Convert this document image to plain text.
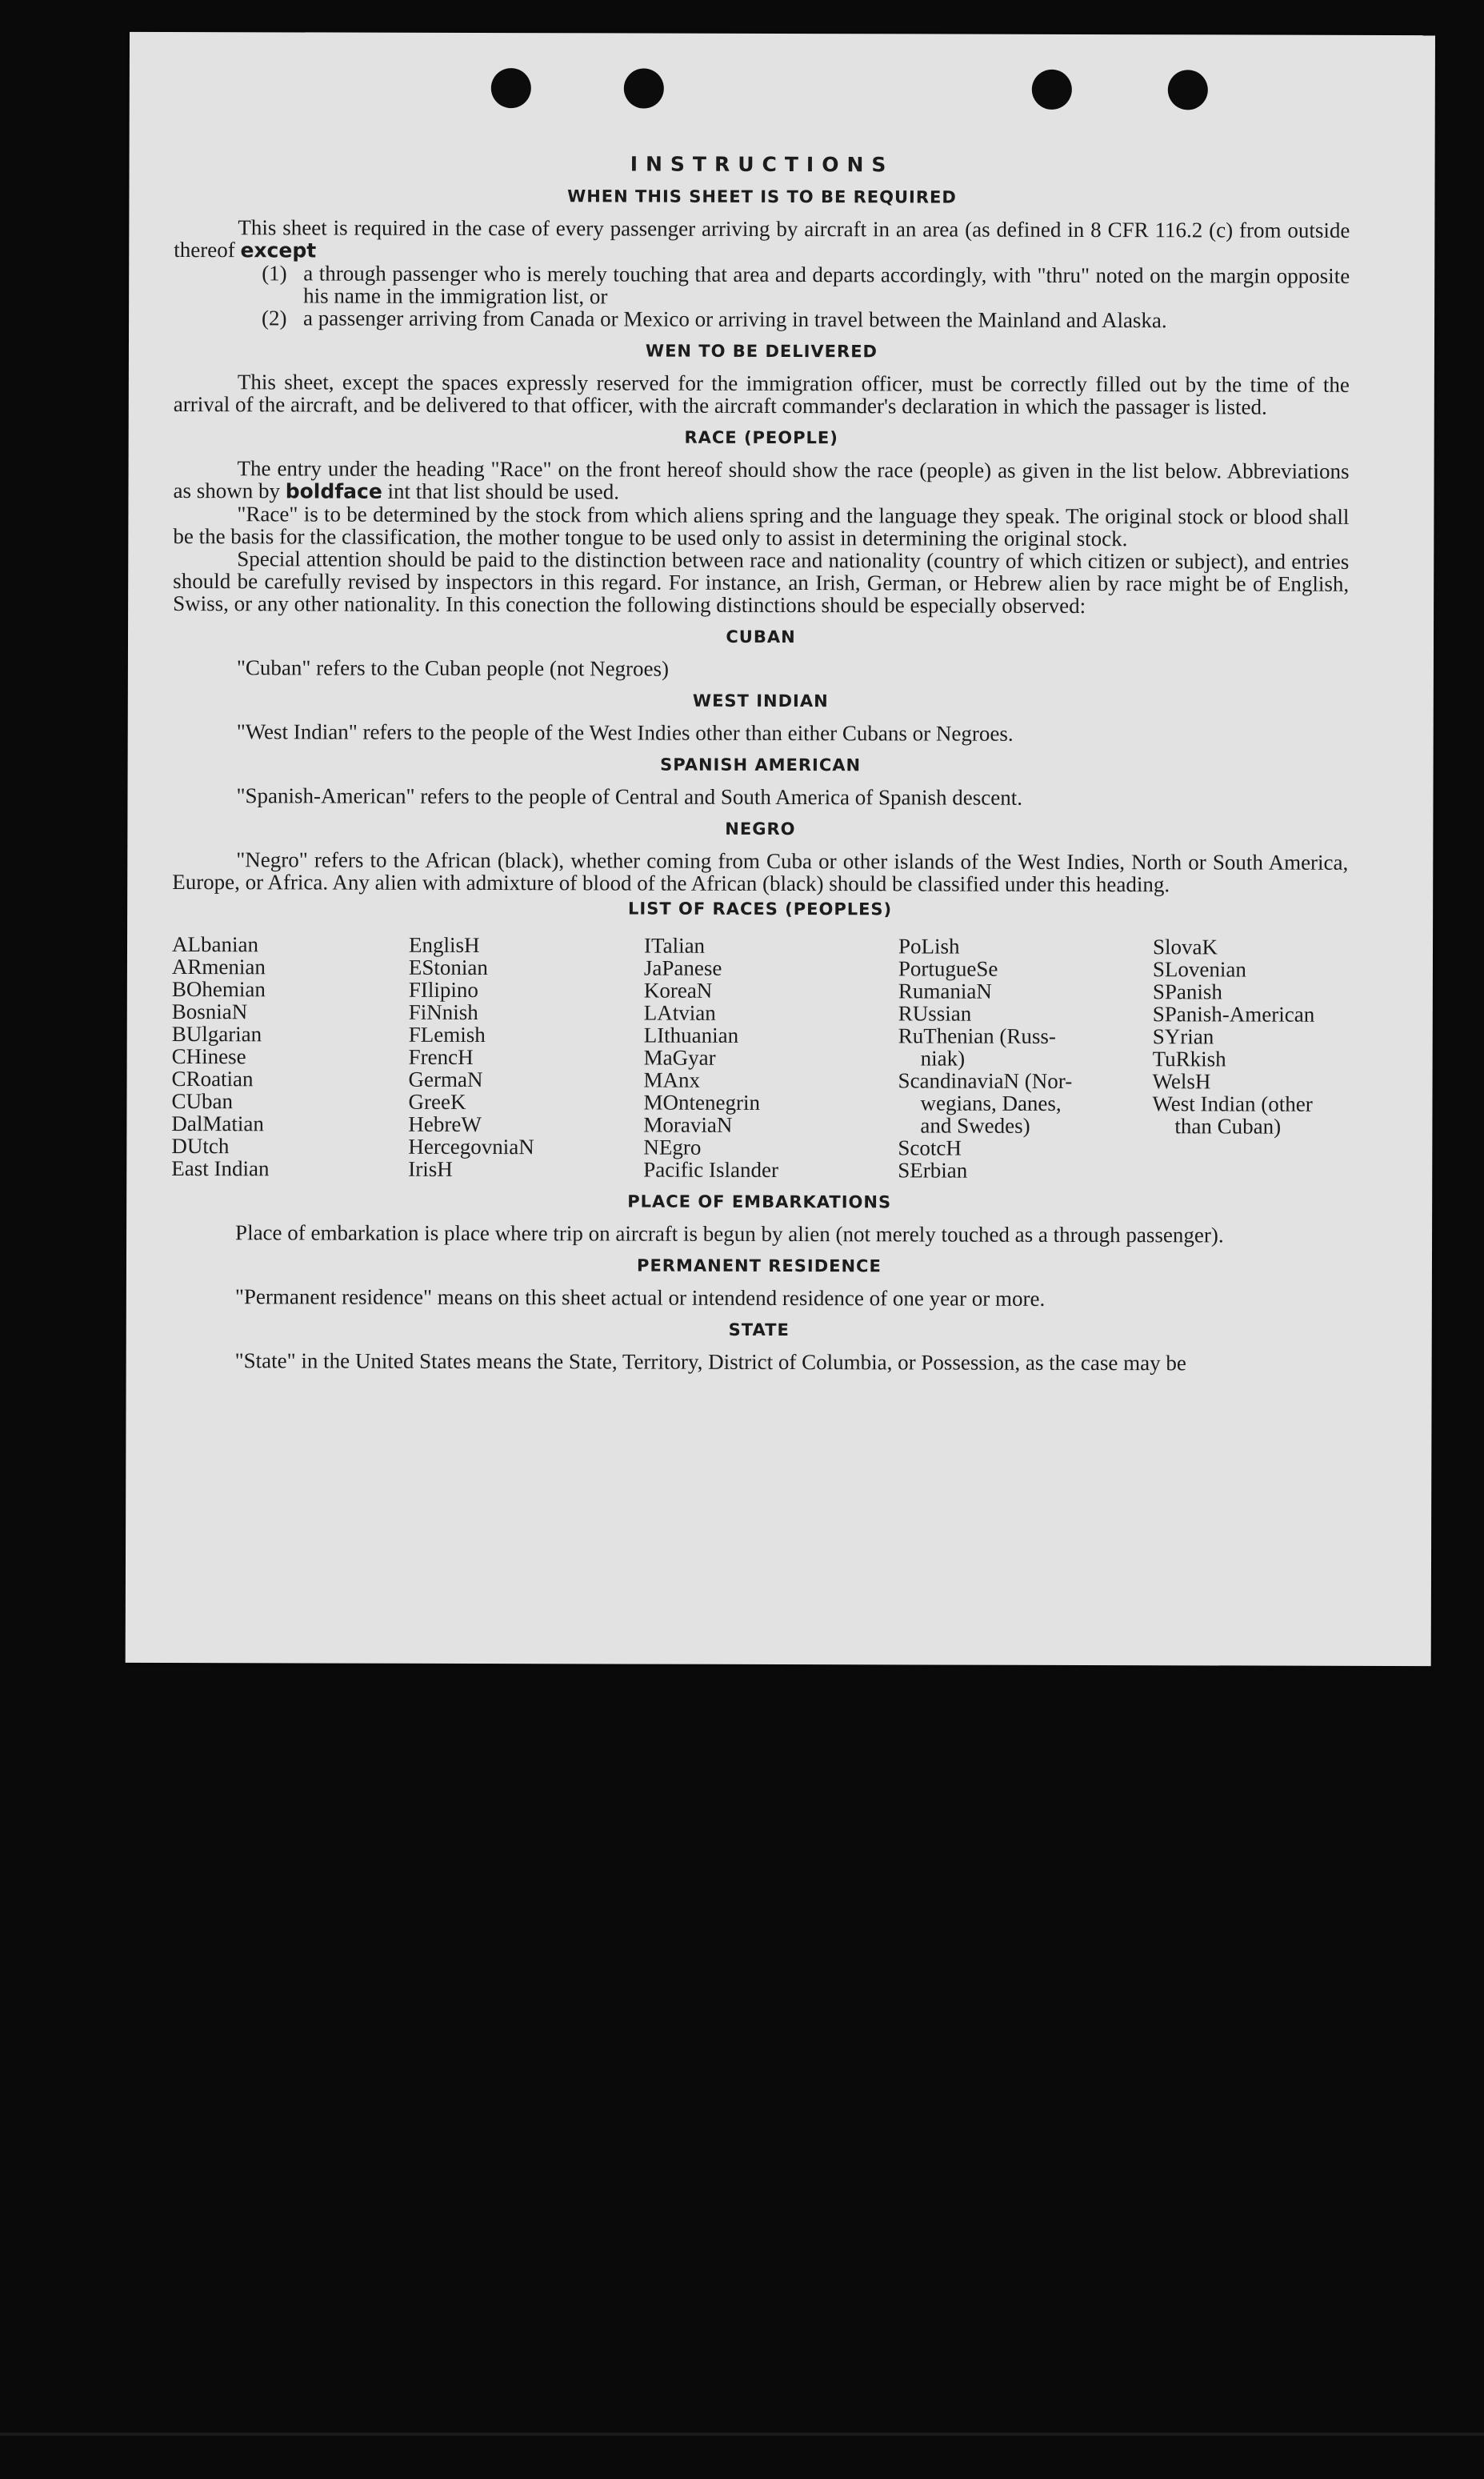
INSTRUCTIONS
WHEN THIS SHEET IS TO BE REQUIRED

This sheet is required in the case of every passenger arriving by aircraft in an area (as defined in 8 CFR 116.2 (c) from outside thereof except

(1) a through passenger who is merely touching that area and departs accordingly, with "thru" noted on the margin opposite his name in the immigration list, or
(2) a passenger arriving from Canada or Mexico or arriving in travel between the Mainland and Alaska.
WEN TO BE DELIVERED

This sheet, except the spaces expressly reserved for the immigration officer, must be correctly filled out by the time of the arrival of the aircraft, and be delivered to that officer, with the aircraft commander's declaration in which the passager is listed.

RACE (PEOPLE)

The entry under the heading "Race" on the front hereof should show the race (people) as given in the list below. Abbreviations as shown by boldface int that list should be used.

"Race" is to be determined by the stock from which aliens spring and the language they speak. The original stock or blood shall be the basis for the classification, the mother tongue to be used only to assist in determining the original stock.

Special attention should be paid to the distinction between race and nationality (country of which citizen or subject), and entries should be carefully revised by inspectors in this regard. For instance, an Irish, German, or Hebrew alien by race might be of English, Swiss, or any other nationality. In this conection the following distinctions should be especially observed:

CUBAN

"Cuban" refers to the Cuban people (not Negroes)

WEST INDIAN

"West Indian" refers to the people of the West Indies other than either Cubans or Negroes.

SPANISH AMERICAN

"Spanish-American" refers to the people of Central and South America of Spanish descent.

NEGRO

"Negro" refers to the African (black), whether coming from Cuba or other islands of the West Indies, North or South America, Europe, or Africa. Any alien with admixture of blood of the African (black) should be classified under this heading.

LIST OF RACES (PEOPLES)
ALbanian
ARmenian
BOhemian
BosniaN
BUlgarian
CHinese
CRoatian
CUban
DalMatian
DUtch
East Indian
EnglisH
EStonian
FIlipino
FiNnish
FLemish
FrencH
GermaN
GreeK
HebreW
HercegovniaN
IrisH
ITalian
JaPanese
KoreaN
LAtvian
LIthuanian
MaGyar
MAnx
MOntenegrin
MoraviaN
NEgro
Pacific Islander
PoLish
PortugueSe
RumaniaN
RUssian
RuThenian (Russ-
niak)
ScandinaviaN (Nor-
wegians, Danes,
and Swedes)
ScotcH
SErbian
SlovaK
SLovenian
SPanish
SPanish-American
SYrian
TuRkish
WelsH
West Indian (other
than Cuban)
PLACE OF EMBARKATIONS

Place of embarkation is place where trip on aircraft is begun by alien (not merely touched as a through passenger).

PERMANENT RESIDENCE

"Permanent residence" means on this sheet actual or intendend residence of one year or more.

STATE

"State" in the United States means the State, Territory, District of Columbia, or Possession, as the case may be
